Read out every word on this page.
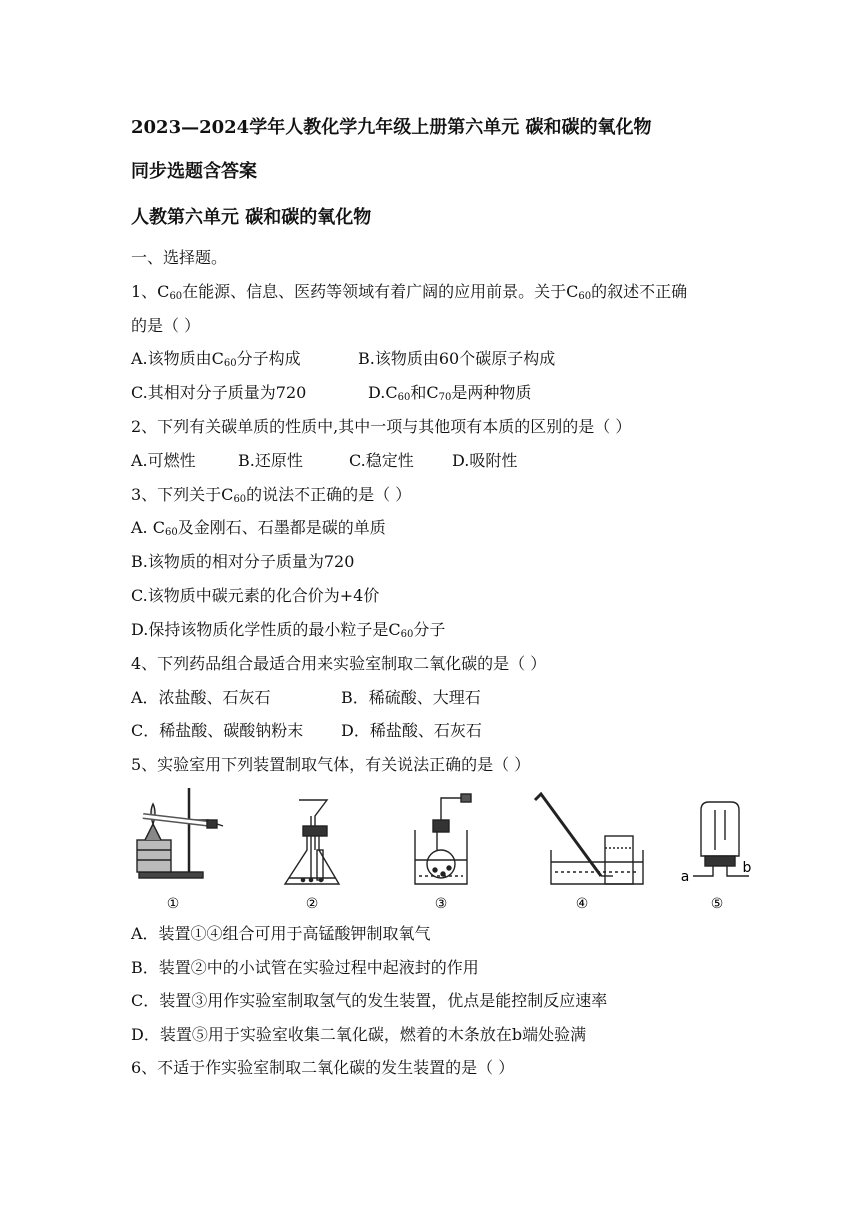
2023—2024学年人教化学九年级上册第六单元 碳和碳的氧化物
同步选题含答案
人教第六单元 碳和碳的氧化物
一、选择题。
1、$C_{60}$在能源、信息、医药等领域有着广阔的应用前景。关于$C_{60}$的叙述不正确
的是（ ）
A.该物质由$C_{60}$分子构成	B.该物质由60个碳原子构成
C.其相对分子质量为720	$D.C_{60}$和$C_{70}$是两种物质
2、下列有关碳单质的性质中,其中一项与其他项有本质的区别的是（ ）
A.可燃性	B.还原性	C.稳定性 D.吸附性
3、下列关于$C_{60}$的说法不正确的是（ ）
A. $C_{60}$及金刚石、石墨都是碳的单质
B.该物质的相对分子质量为720
C.该物质中碳元素的化合价为+4价
D.保持该物质化学性质的最小粒子是$C_{60}$分子
4、下列药品组合最适合用来实验室制取二氧化碳的是（ ）
A．浓盐酸、石灰石	B．稀硫酸、大理石
C．稀盐酸、碳酸钠粉末 D．稀盐酸、石灰石
5、实验室用下列装置制取气体，有关说法正确的是（ ）
①	②	③	④	⑤
a
b
A．装置①④组合可用于高锰酸钾制取氧气
B．装置②中的小试管在实验过程中起液封的作用
C．装置③用作实验室制取氢气的发生装置，优点是能控制反应速率
D．装置⑤用于实验室收集二氧化碳，燃着的木条放在b端处验满
6、不适于作实验室制取二氧化碳的发生装置的是（ ）
